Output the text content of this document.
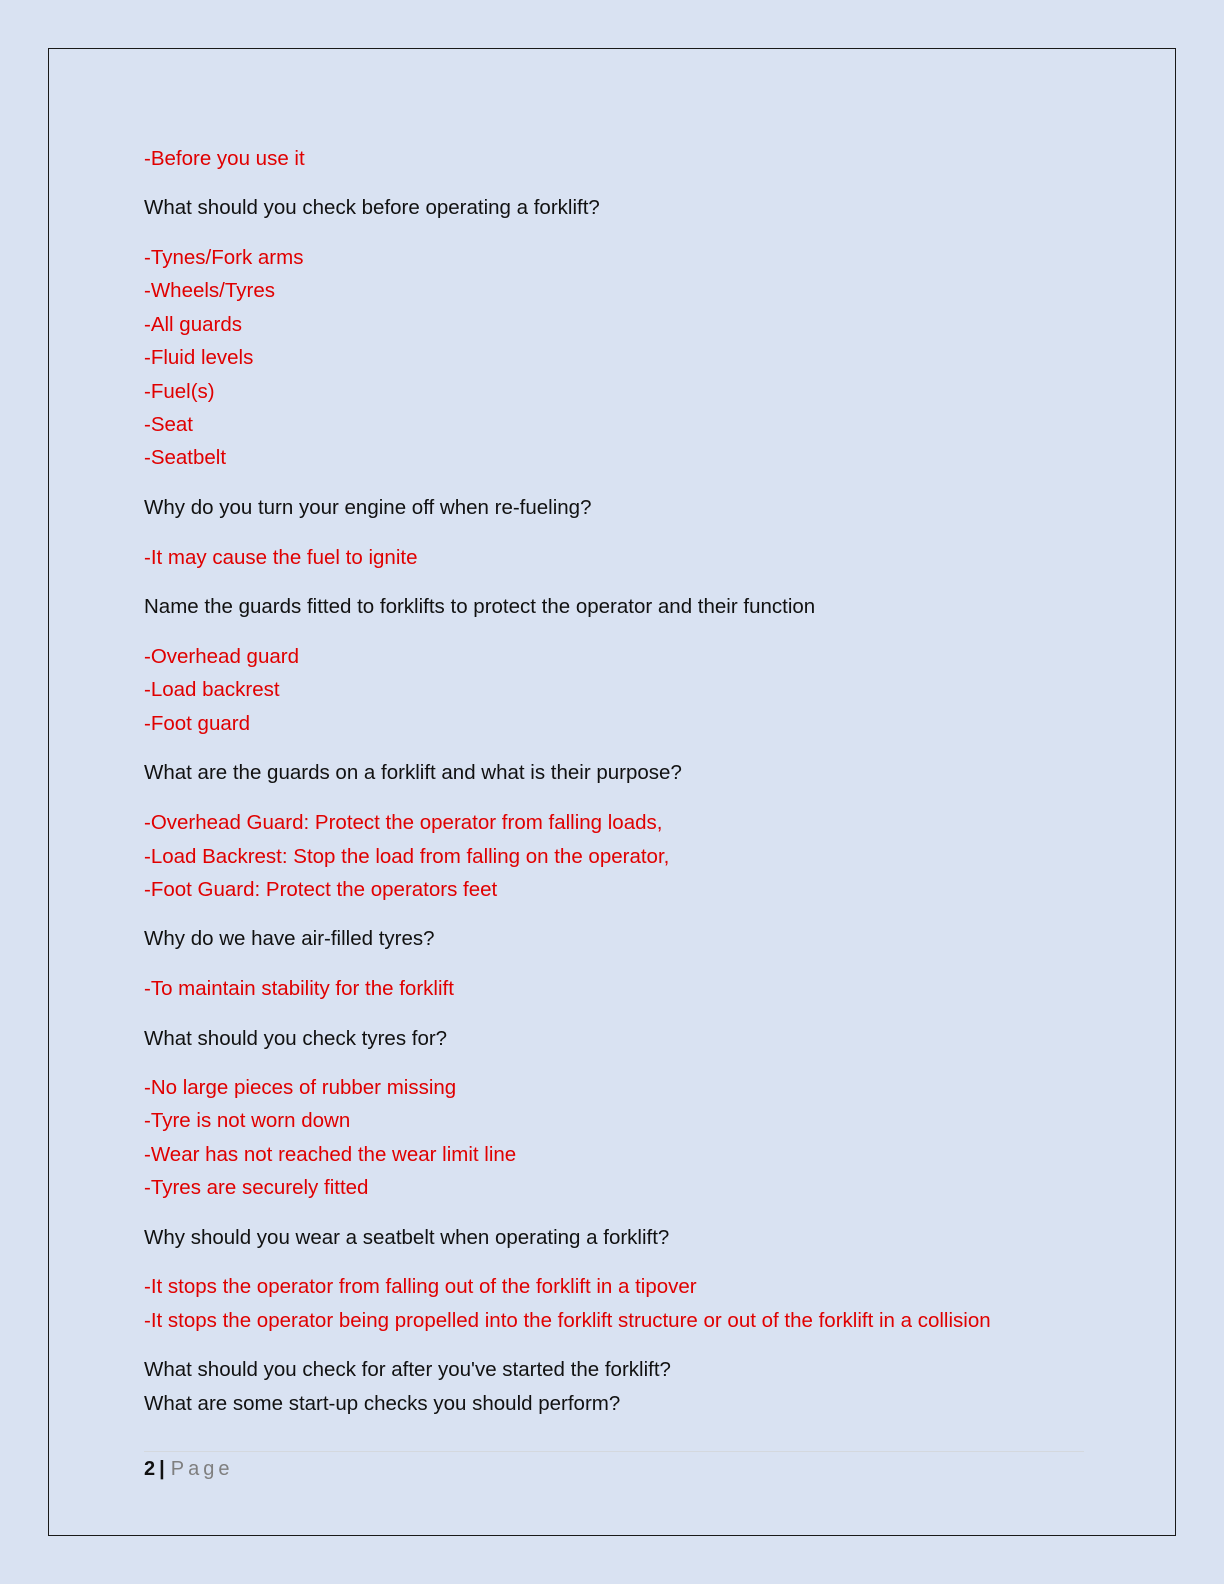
-Before you use it
What should you check before operating a forklift?
-Tynes/Fork arms
-Wheels/Tyres
-All guards
-Fluid levels
-Fuel(s)
-Seat
-Seatbelt
Why do you turn your engine off when re-fueling?
-It may cause the fuel to ignite
Name the guards fitted to forklifts to protect the operator and their function
-Overhead guard
-Load backrest
-Foot guard
What are the guards on a forklift and what is their purpose?
-Overhead Guard: Protect the operator from falling loads,
-Load Backrest: Stop the load from falling on the operator,
-Foot Guard: Protect the operators feet
Why do we have air-filled tyres?
-To maintain stability for the forklift
What should you check tyres for?
-No large pieces of rubber missing
-Tyre is not worn down
-Wear has not reached the wear limit line
-Tyres are securely fitted
Why should you wear a seatbelt when operating a forklift?
-It stops the operator from falling out of the forklift in a tipover
-It stops the operator being propelled into the forklift structure or out of the forklift in a collision
What should you check for after you've started the forklift?
What are some start-up checks you should perform?
2 | Page
